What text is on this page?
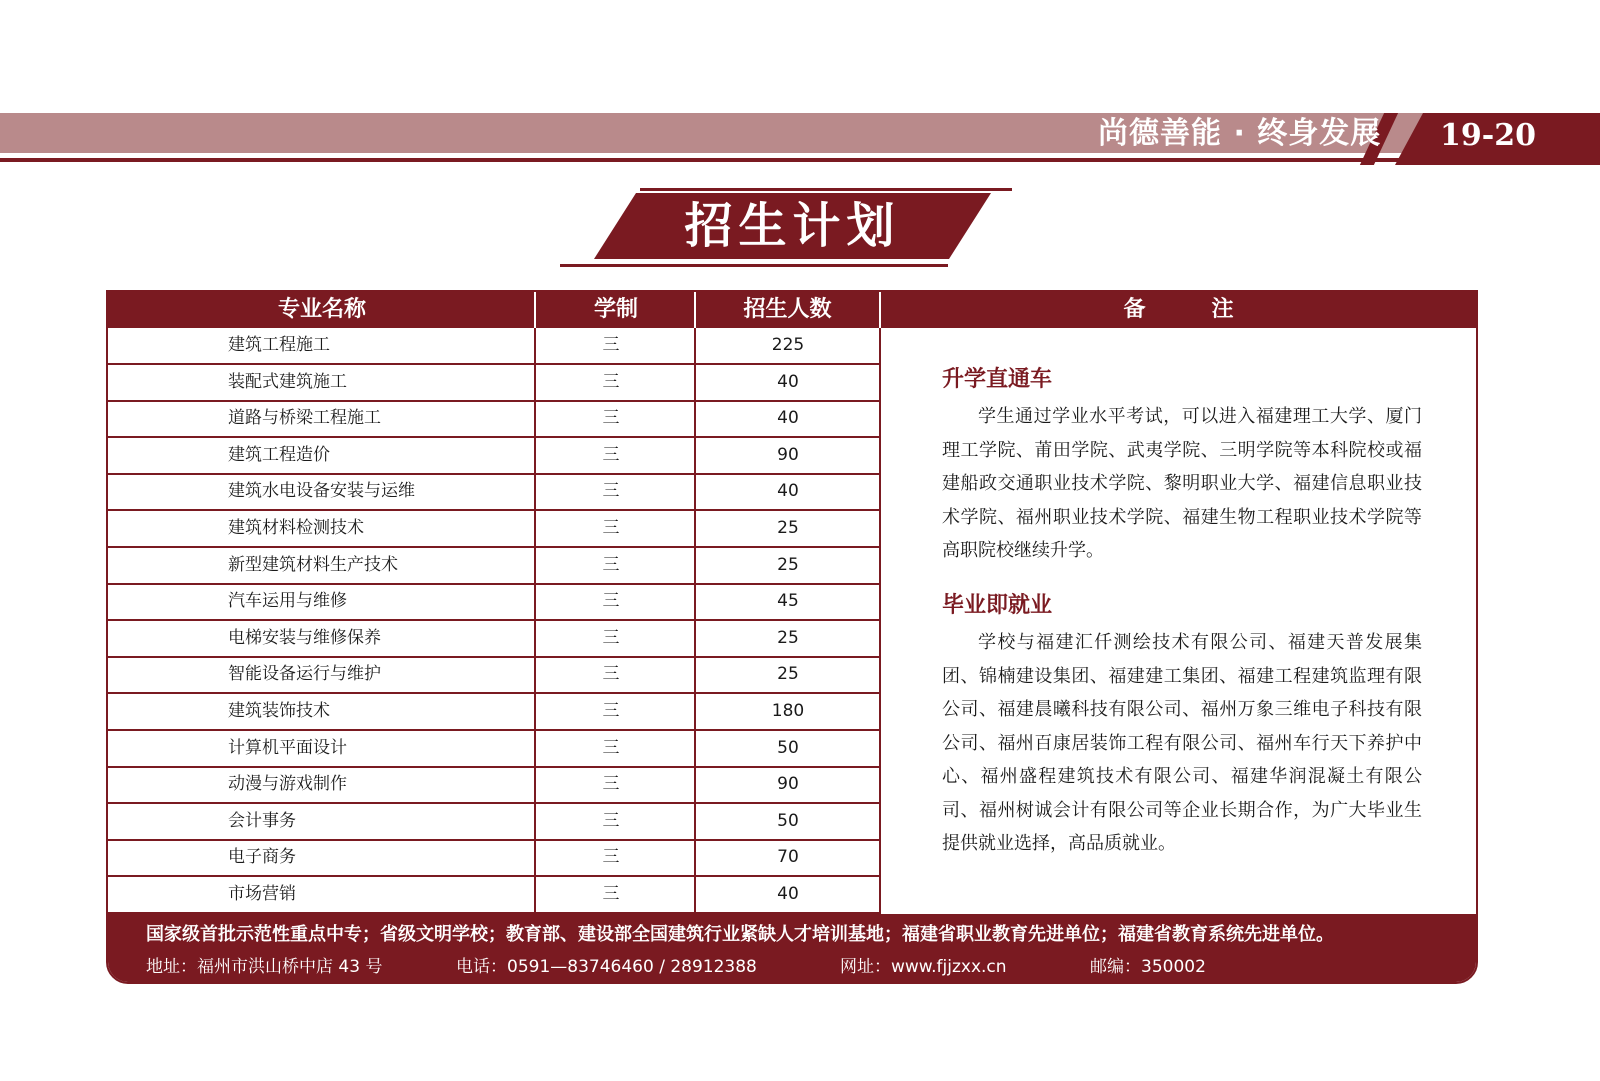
尚德善能 · 终身发展 19-20
招生计划
专业名称	学制	招生人数	备　　　注
建筑工程施工	三	225
装配式建筑施工	三	40
道路与桥梁工程施工	三	40
建筑工程造价	三	90
建筑水电设备安装与运维	三	40
建筑材料检测技术	三	25
新型建筑材料生产技术	三	25
汽车运用与维修	三	45
电梯安装与维修保养	三	25
智能设备运行与维护	三	25
建筑装饰技术	三	180
计算机平面设计	三	50
动漫与游戏制作	三	90
会计事务	三	50
电子商务	三	70
市场营销	三	40
升学直通车
学生通过学业水平考试，可以进入福建理工大学、厦门理工学院、莆田学院、武夷学院、三明学院等本科院校或福建船政交通职业技术学院、黎明职业大学、福建信息职业技术学院、福州职业技术学院、福建生物工程职业技术学院等高职院校继续升学。
毕业即就业
学校与福建汇仟测绘技术有限公司、福建天普发展集团、锦楠建设集团、福建建工集团、福建工程建筑监理有限公司、福建晨曦科技有限公司、福州万象三维电子科技有限公司、福州百康居装饰工程有限公司、福州车行天下养护中心、福州盛程建筑技术有限公司、福建华润混凝土有限公司、福州树诚会计有限公司等企业长期合作，为广大毕业生提供就业选择，高品质就业。
国家级首批示范性重点中专；省级文明学校；教育部、建设部全国建筑行业紧缺人才培训基地；福建省职业教育先进单位；福建省教育系统先进单位。
地址：福州市洪山桥中店 43 号	电话：0591—83746460 / 28912388	网址：www.fjjzxx.cn	邮编：350002
